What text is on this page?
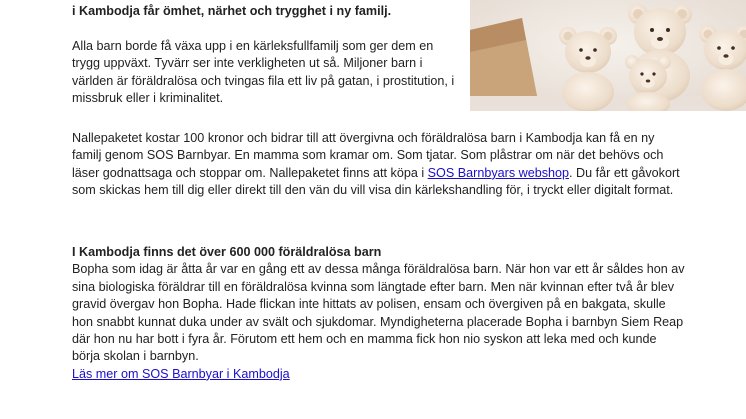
i Kambodja får ömhet, närhet och trygghet i ny familj.

Alla barn borde få växa upp i en kärleksfullfamilj som ger dem en trygg uppväxt. Tyvärr ser inte verkligheten ut så. Miljoner barn i världen är föräldralösa och tvingas fila ett liv på gatan, i prostitution, i missbruk eller i kriminalitet.

Nallepaketet kostar 100 kronor och bidrar till att övergivna och föräldralösa barn i Kambodja kan få en ny familj genom SOS Barnbyar. En mamma som kramar om. Som tjatar. Som plåstrar om när det behövs och läser godnattsaga och stoppar om. Nallepaketet finns att köpa i SOS Barnbyars webshop. Du får ett gåvokort som skickas hem till dig eller direkt till den vän du vill visa din kärlekshandling för, i tryckt eller digitalt format.

I Kambodja finns det över 600 000 föräldralösa barn

Bopha som idag är åtta år var en gång ett av dessa många föräldralösa barn. När hon var ett år såldes hon av sina biologiska föräldrar till en föräldralösa kvinna som längtade efter barn. Men när kvinnan efter två år blev gravid övergav hon Bopha. Hade flickan inte hittats av polisen, ensam och övergiven på en bakgata, skulle hon snabbt kunnat duka under av svält och sjukdomar. Myndigheterna placerade Bopha i barnbyn Siem Reap där hon nu har bott i fyra år. Förutom ett hem och en mamma fick hon nio syskon att leka med och kunde börja skolan i barnbyn.

Läs mer om SOS Barnbyar i Kambodja
